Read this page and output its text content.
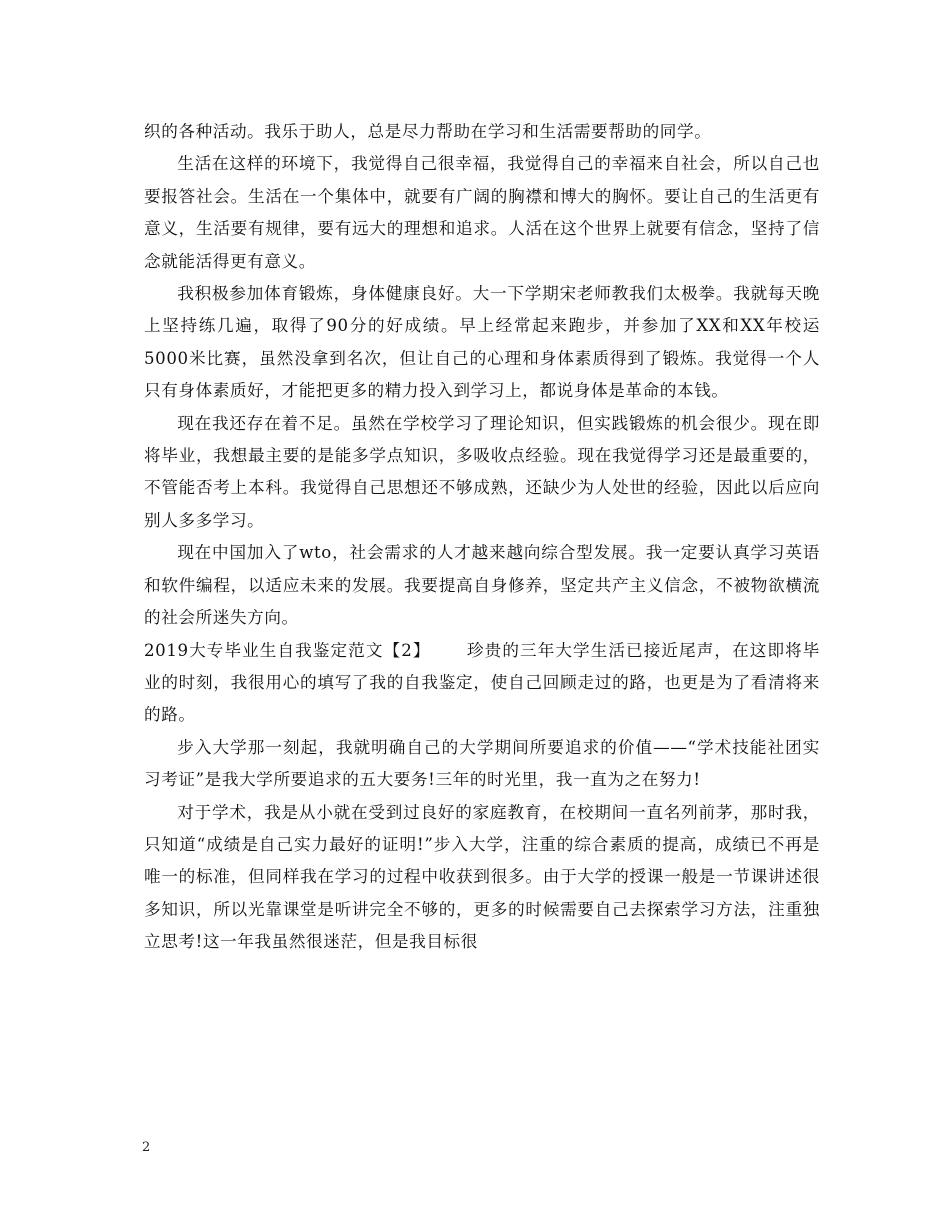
织的各种活动。我乐于助人，总是尽力帮助在学习和生活需要帮助的同学。

生活在这样的环境下，我觉得自己很幸福，我觉得自己的幸福来自社会，所以自己也要报答社会。生活在一个集体中，就要有广阔的胸襟和博大的胸怀。要让自己的生活更有意义，生活要有规律，要有远大的理想和追求。人活在这个世界上就要有信念，坚持了信念就能活得更有意义。

我积极参加体育锻炼，身体健康良好。大一下学期宋老师教我们太极拳。我就每天晚上坚持练几遍，取得了90分的好成绩。早上经常起来跑步，并参加了XX和XX年校运5000米比赛，虽然没拿到名次，但让自己的心理和身体素质得到了锻炼。我觉得一个人只有身体素质好，才能把更多的精力投入到学习上，都说身体是革命的本钱。

现在我还存在着不足。虽然在学校学习了理论知识，但实践锻炼的机会很少。现在即将毕业，我想最主要的是能多学点知识，多吸收点经验。现在我觉得学习还是最重要的，不管能否考上本科。我觉得自己思想还不够成熟，还缺少为人处世的经验，因此以后应向别人多多学习。

现在中国加入了wto，社会需求的人才越来越向综合型发展。我一定要认真学习英语和软件编程，以适应未来的发展。我要提高自身修养，坚定共产主义信念，不被物欲横流的社会所迷失方向。

2019大专毕业生自我鉴定范文【2】 珍贵的三年大学生活已接近尾声，在这即将毕业的时刻，我很用心的填写了我的自我鉴定，使自己回顾走过的路，也更是为了看清将来的路。

步入大学那一刻起，我就明确自己的大学期间所要追求的价值——“学术技能社团实习考证”是我大学所要追求的五大要务!三年的时光里，我一直为之在努力!

对于学术，我是从小就在受到过良好的家庭教育，在校期间一直名列前茅，那时我，只知道“成绩是自己实力最好的证明!”步入大学，注重的综合素质的提高，成绩已不再是唯一的标准，但同样我在学习的过程中收获到很多。由于大学的授课一般是一节课讲述很多知识，所以光靠课堂是听讲完全不够的，更多的时候需要自己去探索学习方法，注重独立思考!这一年我虽然很迷茫，但是我目标很

2
